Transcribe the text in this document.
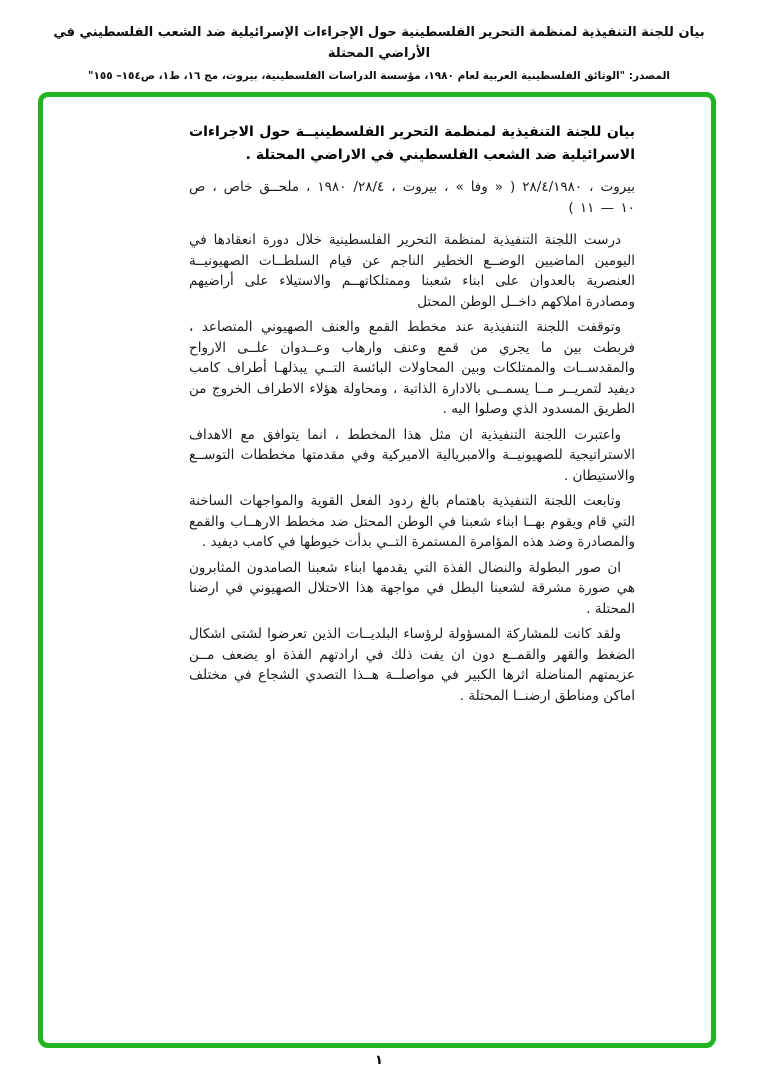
بيان للجنة التنفيذية لمنظمة التحرير الفلسطينية حول الإجراءات الإسرائيلية ضد الشعب الفلسطيني في الأراضي المحتلة
المصدر: "الوثائق الفلسطينية العربية لعام ١٩٨٠، مؤسسة الدراسات الفلسطينية، بيروت، مج ١٦، ط١، ص١٥٤– ١٥٥"
بيان للجنة التنفيذية لمنظمة التحرير الفلسطينيــة حول الاجراءات الاسرائيلية ضد الشعب الفلسطيني في الاراضي المحتلة .
بيروت ، ٢٨/٤/١٩٨٠ ( « وفا » ، بيروت ، ٢٨/٤/ ١٩٨٠ ، ملحــق خاص ، ص ١٠ — ١١ )

درست اللجنة التنفيذية لمنظمة التحرير الفلسطينية خلال دورة انعقادها في اليومين الماضيين الوضــع الخطير الناجم عن قيام السلطــات الصهيونيــة العنصرية بالعدوان على ابناء شعبنا وممتلكاتهــم والاستيلاء على أراضيهم ومصادرة املاكهم داخــل الوطن المحتل

وتوقفت اللجنة التنفيذية عند مخطط القمع والعنف الصهيوني المتصاعد ، فربطت بين ما يجري من قمع وعنف وارهاب وعــدوان علــى الارواح والمقدســات والممتلكات وبين المحاولات البائسة التــي يبذلهـا أطراف كامب ديفيد لتمريــر مــا يسمــى بالادارة الذاتية ، ومحاولة هؤلاء الاطراف الخروج من الطريق المسدود الذي وصلوا اليه .

واعتبرت اللجنة التنفيذية ان مثل هذا المخطط ، انما يتوافق مع الاهداف الاستراتيجية للصهيونيــة والامبريالية الاميركية وفي مقدمتها مخططات التوســع والاستيطان .

وتابعت اللجنة التنفيذية باهتمام بالغ ردود الفعل القوية والمواجهات الساخنة التي قام ويقوم بهــا ابناء شعبنا في الوطن المحتل ضد مخطط الارهــاب والقمع والمصادرة وضد هذه المؤامرة المستمرة التــي بدأت خيوطها في كامب ديفيد .

ان صور البطولة والنضال الفذة التي يقدمها ابناء شعبنا الصامدون المثابرون هي صورة مشرقة لشعبنا البطل في مواجهة هذا الاحتلال الصهيوني في ارضنا المحتلة .

ولقد كانت للمشاركة المسؤولة لرؤساء البلديــات الذين تعرضوا لشتى اشكال الضغط والقهر والقمــع دون ان يفت ذلك في ارادتهم الفذة او يضعف مــن عزيمتهم المناضلة اثرها الكبير في مواصلــة هــذا التصدي الشجاع في مختلف اماكن ومناطق ارضنــا المحتلة .

١
